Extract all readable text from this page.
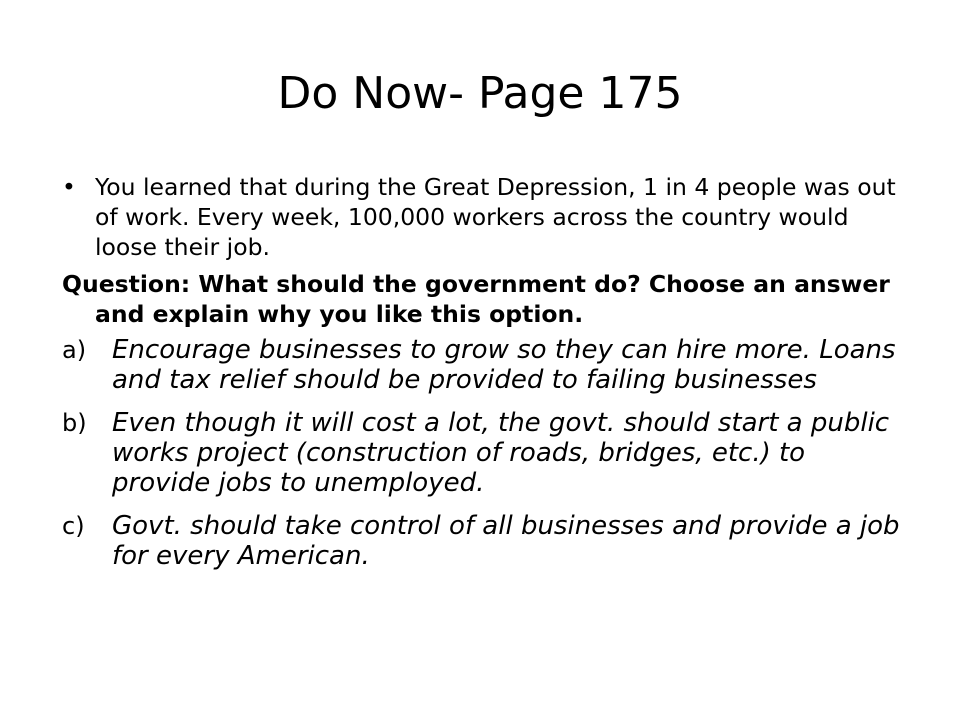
Do Now- Page 175
• You learned that during the Great Depression, 1 in 4 people was out of work. Every week, 100,000 workers across the country would loose their job.
Question: What should the government do? Choose an answer and explain why you like this option.
a) Encourage businesses to grow so they can hire more. Loans and tax relief should be provided to failing businesses
b) Even though it will cost a lot, the govt. should start a public works project (construction of roads, bridges, etc.) to provide jobs to unemployed.
c) Govt. should take control of all businesses and provide a job for every American.
